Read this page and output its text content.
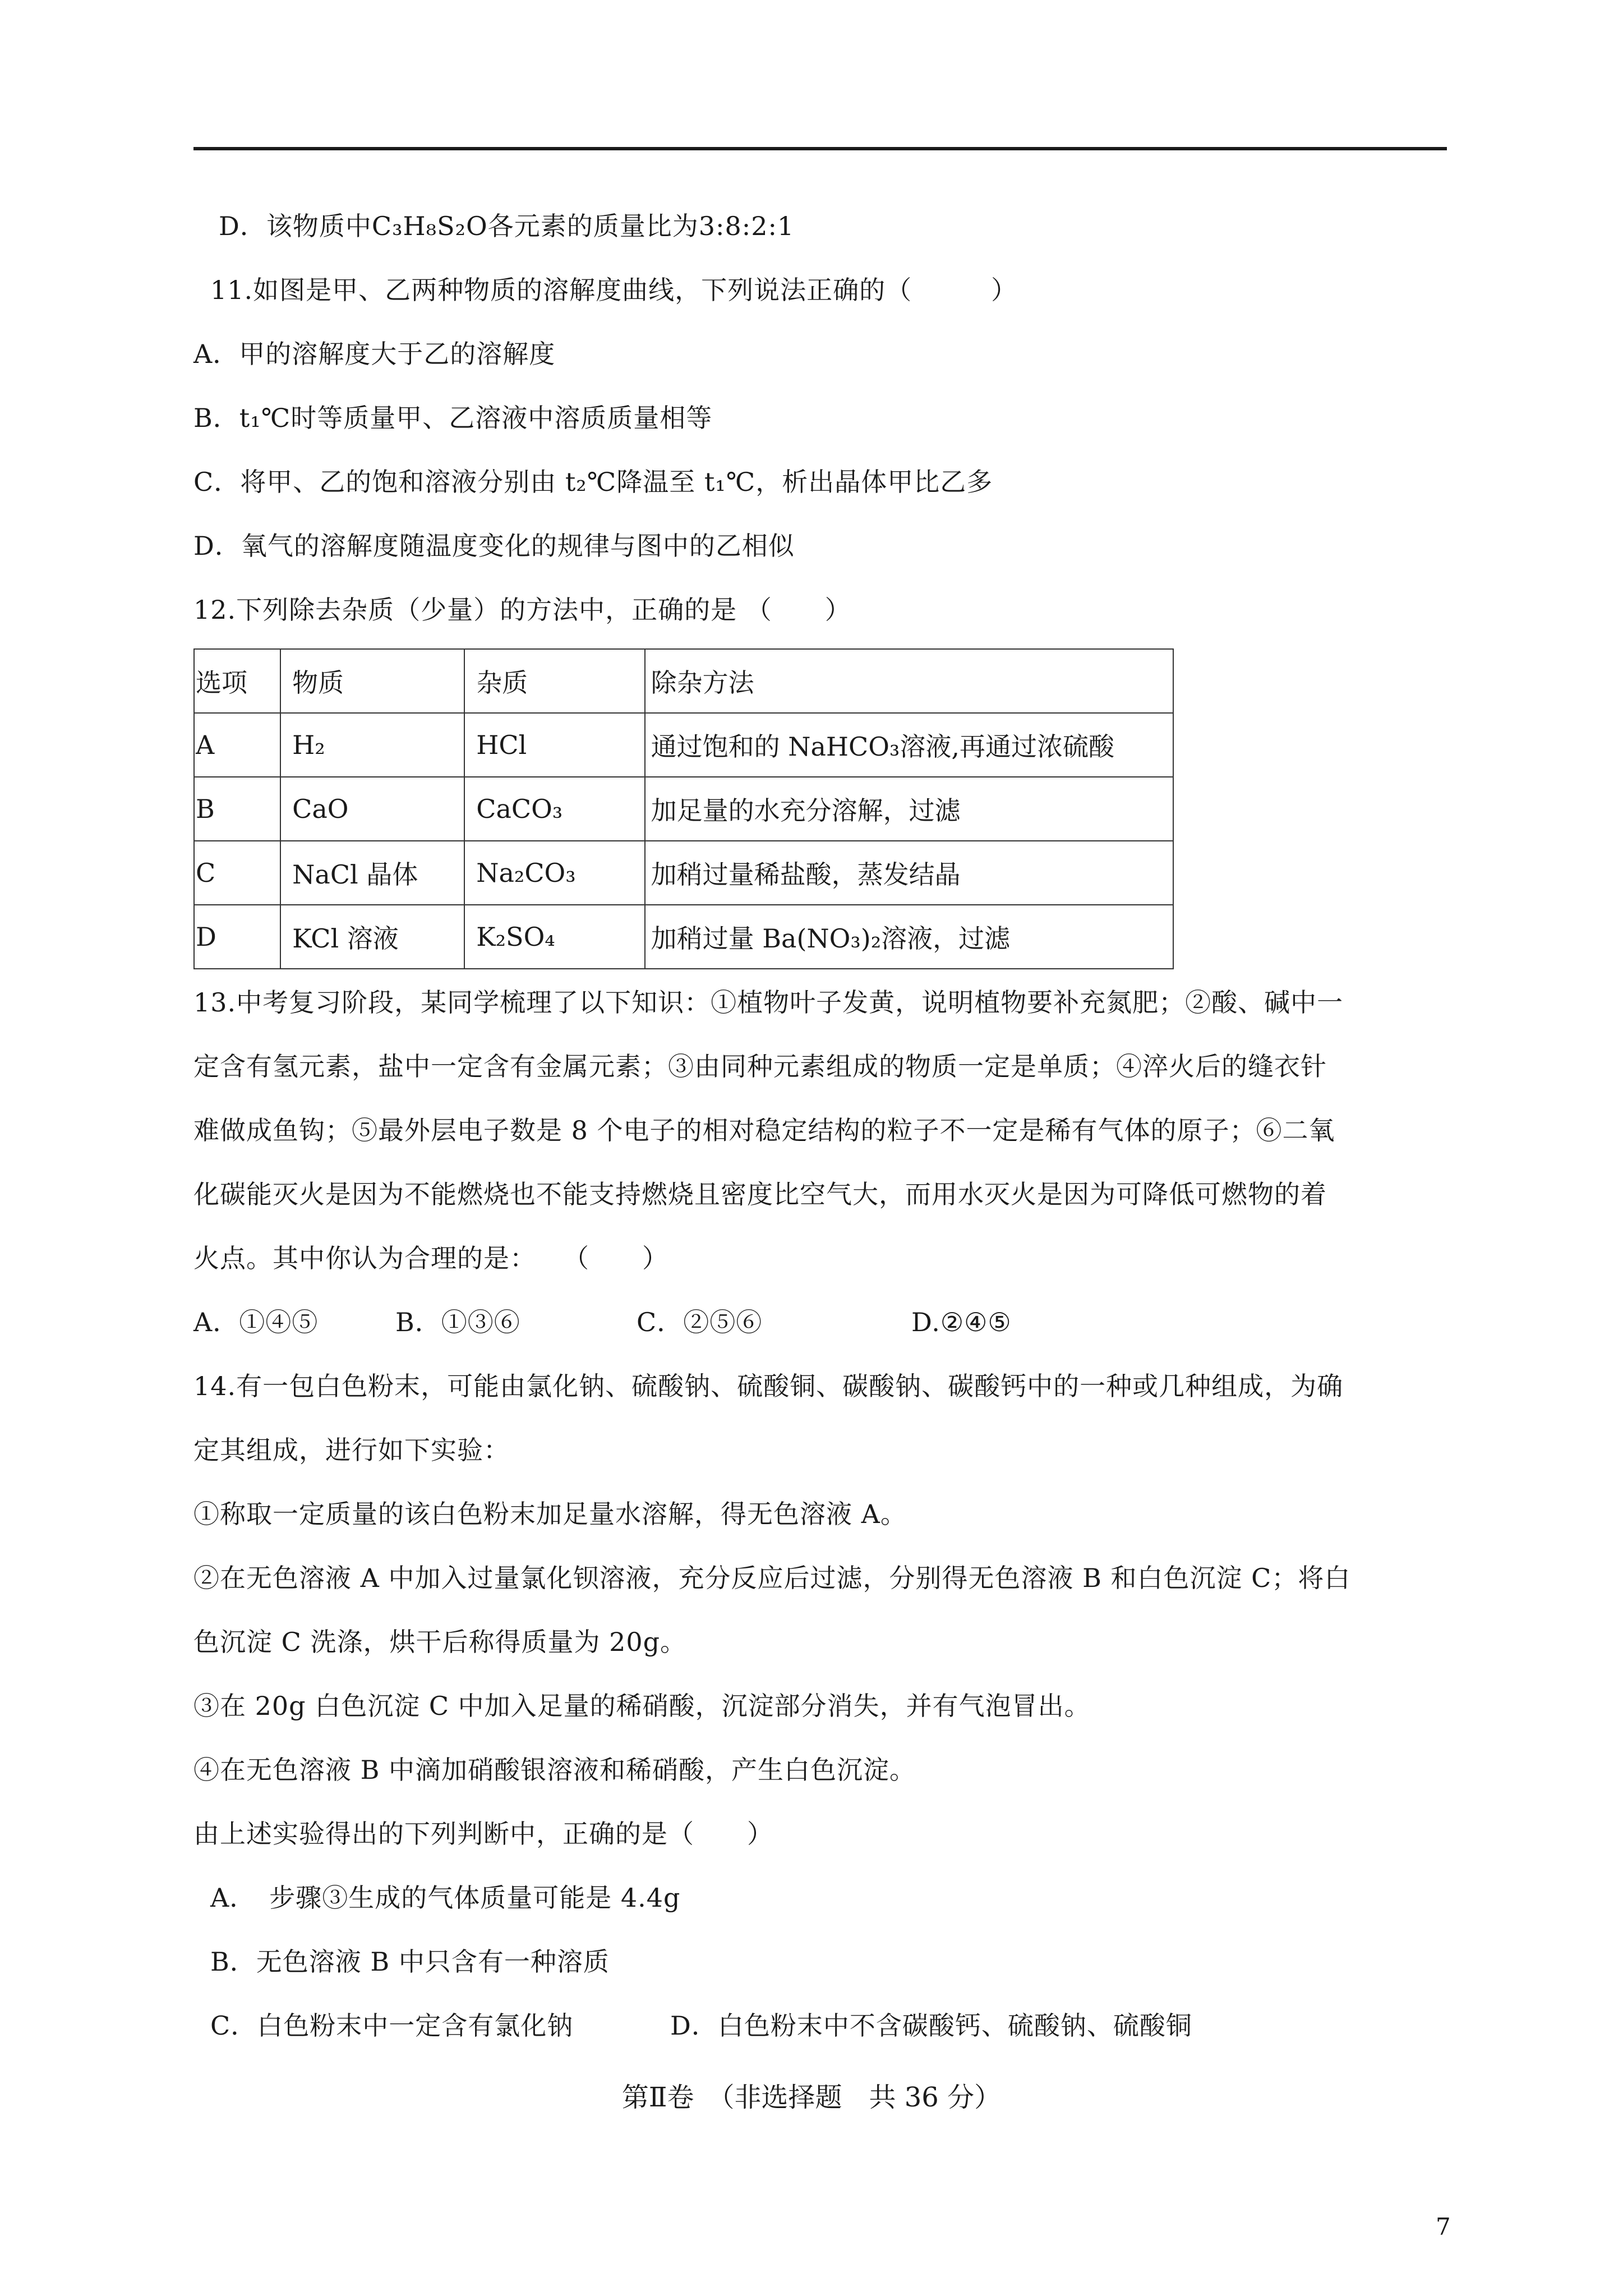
D．该物质中C₃H₈S₂O各元素的质量比为3:8:2:1
11.如图是甲、乙两种物质的溶解度曲线，下列说法正确的（　　　）
A．甲的溶解度大于乙的溶解度
B．t₁℃时等质量甲、乙溶液中溶质质量相等
C．将甲、乙的饱和溶液分别由 t₂℃降温至 t₁℃，析出晶体甲比乙多
D．氧气的溶解度随温度变化的规律与图中的乙相似
12.下列除去杂质（少量）的方法中，正确的是 （　　）
选项	物质	杂质	除杂方法
A	H₂	HCl	通过饱和的 NaHCO₃溶液,再通过浓硫酸
B	CaO	CaCO₃	加足量的水充分溶解，过滤
C	NaCl 晶体	Na₂CO₃	加稍过量稀盐酸，蒸发结晶
D	KCl 溶液	K₂SO₄	加稍过量 Ba(NO₃)₂溶液，过滤
13.中考复习阶段，某同学梳理了以下知识：①植物叶子发黄，说明植物要补充氮肥；②酸、碱中一
定含有氢元素，盐中一定含有金属元素；③由同种元素组成的物质一定是单质；④淬火后的缝衣针
难做成鱼钩；⑤最外层电子数是 8 个电子的相对稳定结构的粒子不一定是稀有气体的原子；⑥二氧
化碳能灭火是因为不能燃烧也不能支持燃烧且密度比空气大，而用水灭火是因为可降低可燃物的着
火点。其中你认为合理的是：　　（　　）
A．①④⑤	B．①③⑥	C．②⑤⑥	D.②④⑤
14.有一包白色粉末，可能由氯化钠、硫酸钠、硫酸铜、碳酸钠、碳酸钙中的一种或几种组成，为确
定其组成，进行如下实验：
①称取一定质量的该白色粉末加足量水溶解，得无色溶液 A。
②在无色溶液 A 中加入过量氯化钡溶液，充分反应后过滤，分别得无色溶液 B 和白色沉淀 C；将白
色沉淀 C 洗涤，烘干后称得质量为 20g。
③在 20g 白色沉淀 C 中加入足量的稀硝酸，沉淀部分消失，并有气泡冒出。
④在无色溶液 B 中滴加硝酸银溶液和稀硝酸，产生白色沉淀。
由上述实验得出的下列判断中，正确的是（　　）
A．　步骤③生成的气体质量可能是 4.4g
B．无色溶液 B 中只含有一种溶质
C．白色粉末中一定含有氯化钠	D．白色粉末中不含碳酸钙、硫酸钠、硫酸铜
第Ⅱ卷　（非选择题　共 36 分）
7
